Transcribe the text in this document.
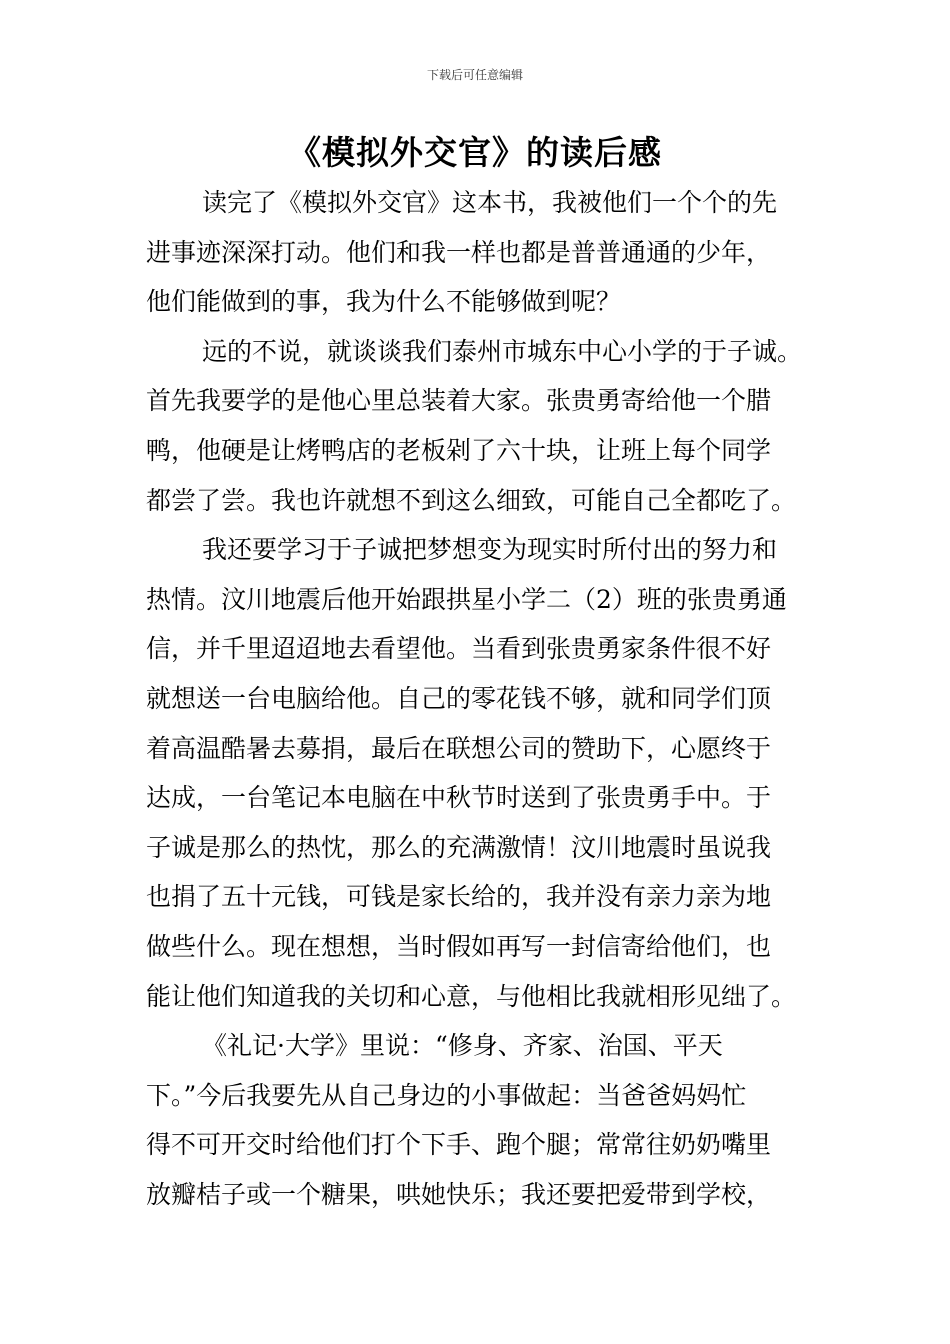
下载后可任意编辑
《模拟外交官》的读后感
读完了《模拟外交官》这本书，我被他们一个个的先
进事迹深深打动。他们和我一样也都是普普通通的少年，
他们能做到的事，我为什么不能够做到呢？
远的不说，就谈谈我们泰州市城东中心小学的于子诚。
首先我要学的是他心里总装着大家。张贵勇寄给他一个腊
鸭，他硬是让烤鸭店的老板剁了六十块，让班上每个同学
都尝了尝。我也许就想不到这么细致，可能自己全都吃了。
我还要学习于子诚把梦想变为现实时所付出的努力和
热情。汶川地震后他开始跟拱星小学二（2）班的张贵勇通
信，并千里迢迢地去看望他。当看到张贵勇家条件很不好
就想送一台电脑给他。自己的零花钱不够，就和同学们顶
着高温酷暑去募捐，最后在联想公司的赞助下，心愿终于
达成，一台笔记本电脑在中秋节时送到了张贵勇手中。于
子诚是那么的热忱，那么的充满激情！汶川地震时虽说我
也捐了五十元钱，可钱是家长给的，我并没有亲力亲为地
做些什么。现在想想，当时假如再写一封信寄给他们，也
能让他们知道我的关切和心意，与他相比我就相形见绌了。
《礼记·大学》里说：“修身、齐家、治国、平天
下。”今后我要先从自己身边的小事做起：当爸爸妈妈忙
得不可开交时给他们打个下手、跑个腿；常常往奶奶嘴里
放瓣桔子或一个糖果，哄她快乐；我还要把爱带到学校，
